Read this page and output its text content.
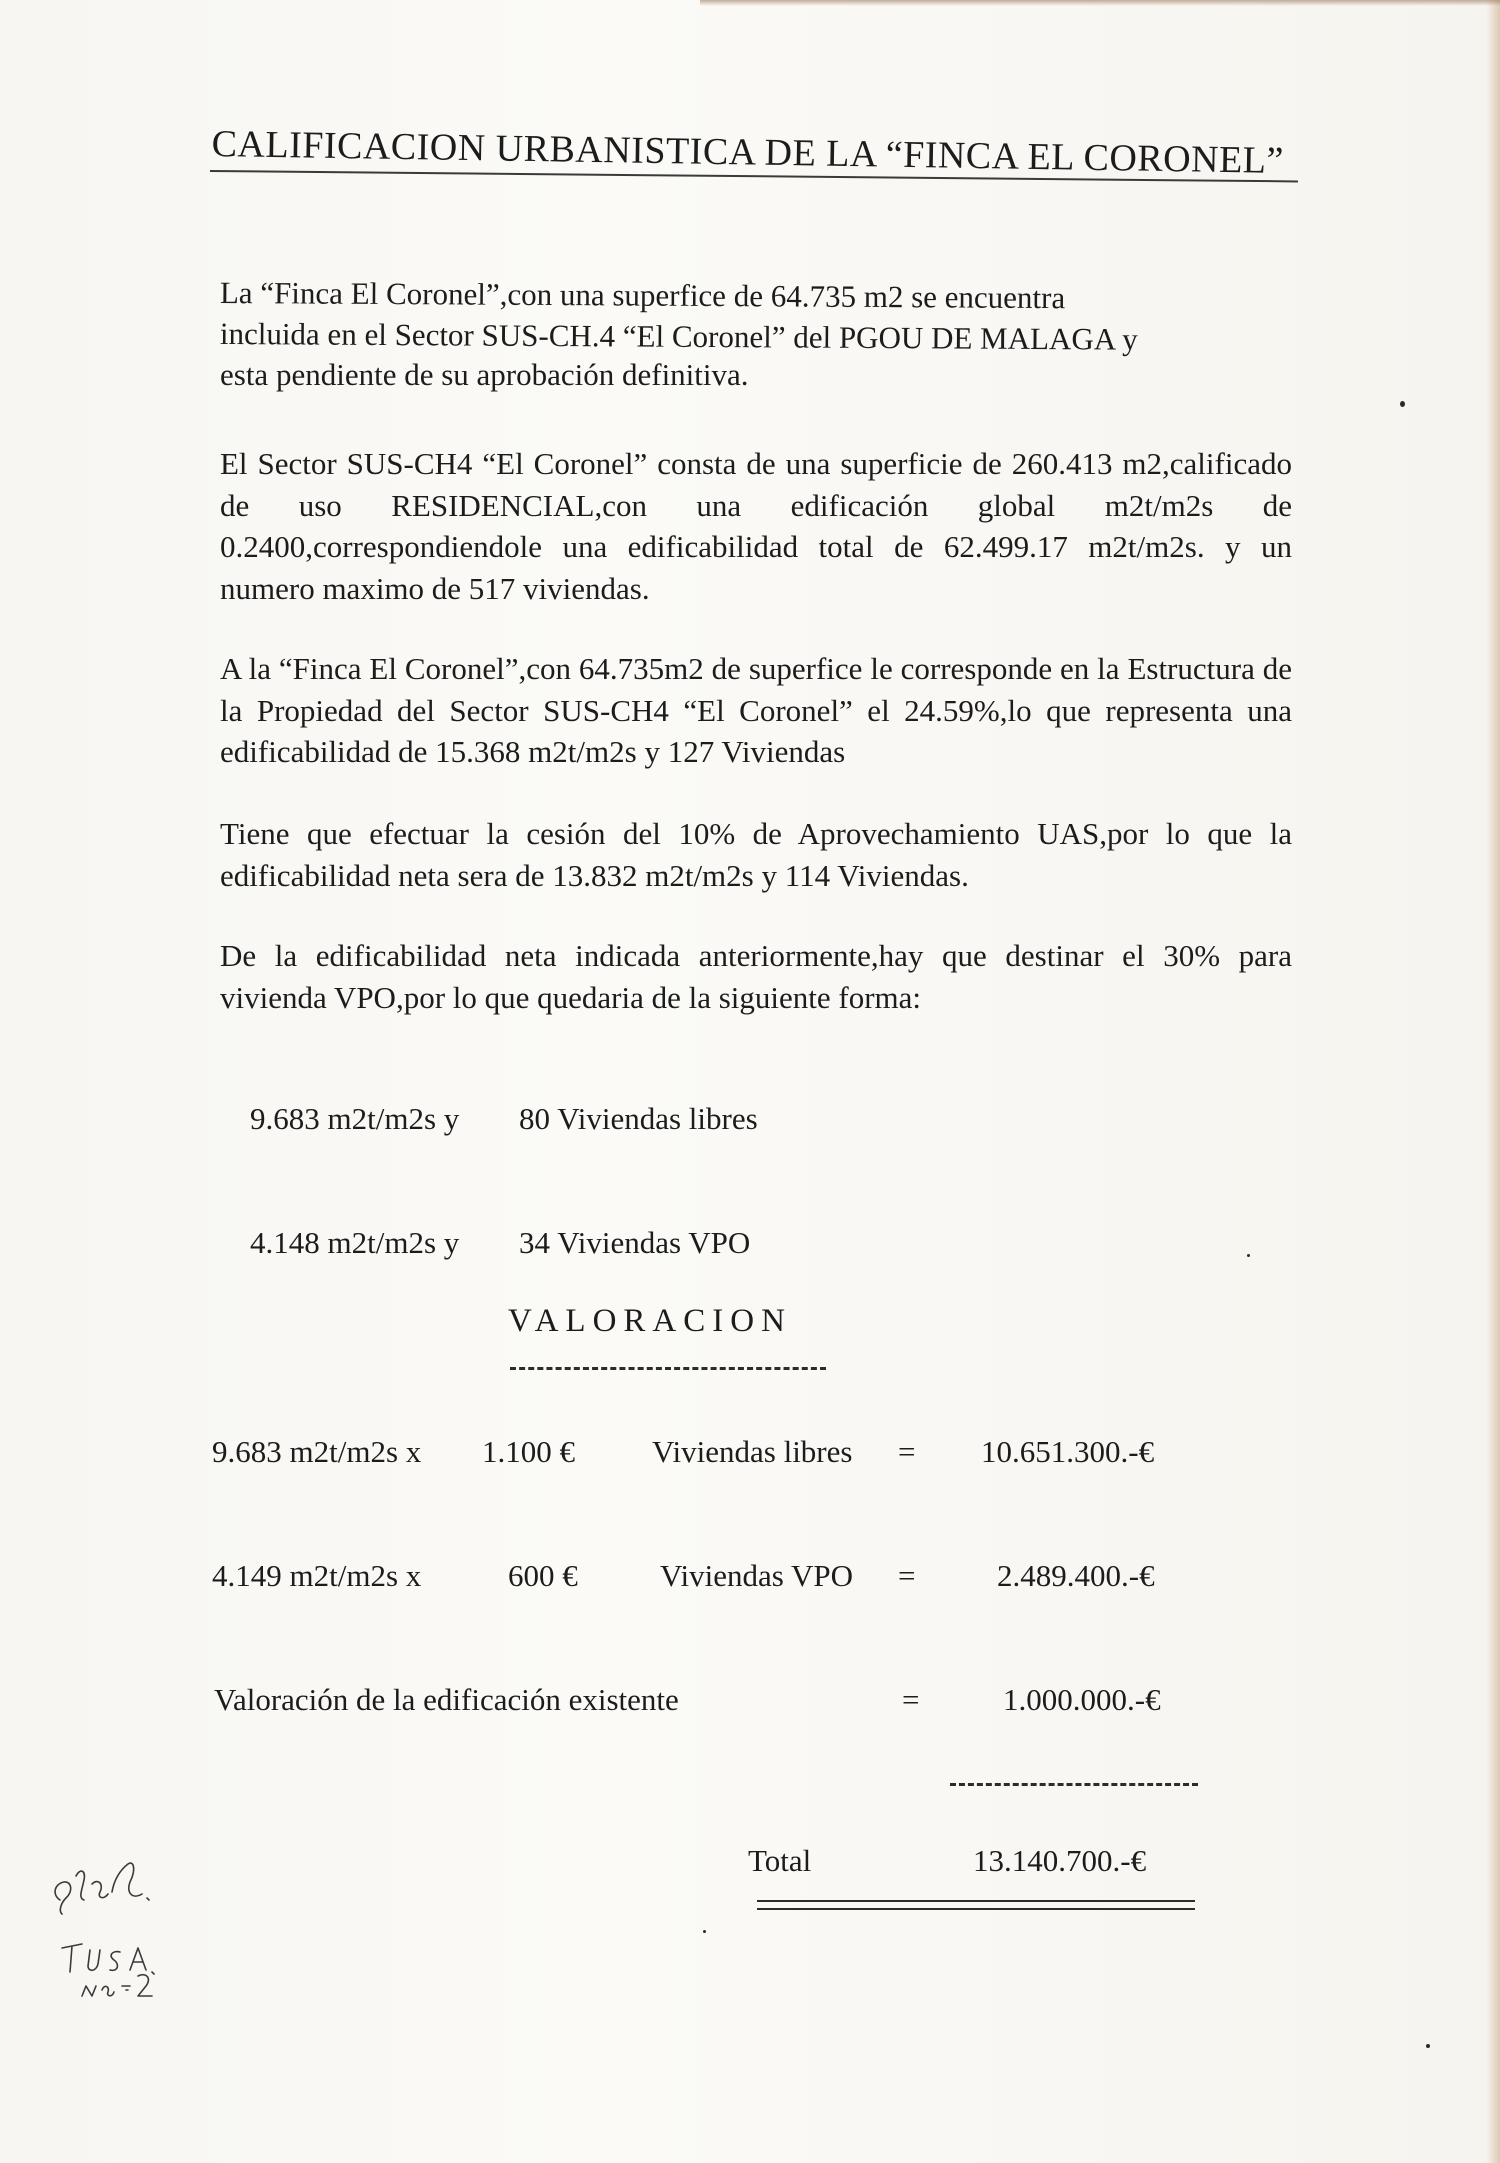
CALIFICACION URBANISTICA DE LA “FINCA EL CORONEL”
La “Finca El Coronel”,con una superfice de 64.735 m2 se encuentra
incluida en el Sector SUS-CH.4 “El Coronel” del PGOU DE MALAGA y
esta pendiente de su aprobación definitiva.

El Sector SUS-CH4 “El Coronel” consta de una superficie de 260.413 m2,calificado de uso RESIDENCIAL,con una edificación global m2t/m2s de 0.2400,correspondiendole una edificabilidad total de 62.499.17 m2t/m2s. y un numero maximo de 517 viviendas.

A la “Finca El Coronel”,con 64.735m2 de superfice le corresponde en la Estructura de la Propiedad del Sector SUS-CH4 “El Coronel” el 24.59%,lo que representa una edificabilidad de 15.368 m2t/m2s y 127 Viviendas

Tiene que efectuar la cesión del 10% de Aprovechamiento UAS,por lo que la edificabilidad neta sera de 13.832 m2t/m2s y 114 Viviendas.

De la edificabilidad neta indicada anteriormente,hay que destinar el 30% para vivienda VPO,por lo que quedaria de la siguiente forma:

9.683 m2t/m2s y 80 Viviendas libres
4.148 m2t/m2s y 34 Viviendas VPO
VALORACION
9.683 m2t/m2s x 1.100 € Viviendas libres = 10.651.300.-€
4.149 m2t/m2s x	600 €	Viviendas VPO =	2.489.400.-€
Valoración de la edificación existente	=	1.000.000.-€
Total	13.140.700.-€
